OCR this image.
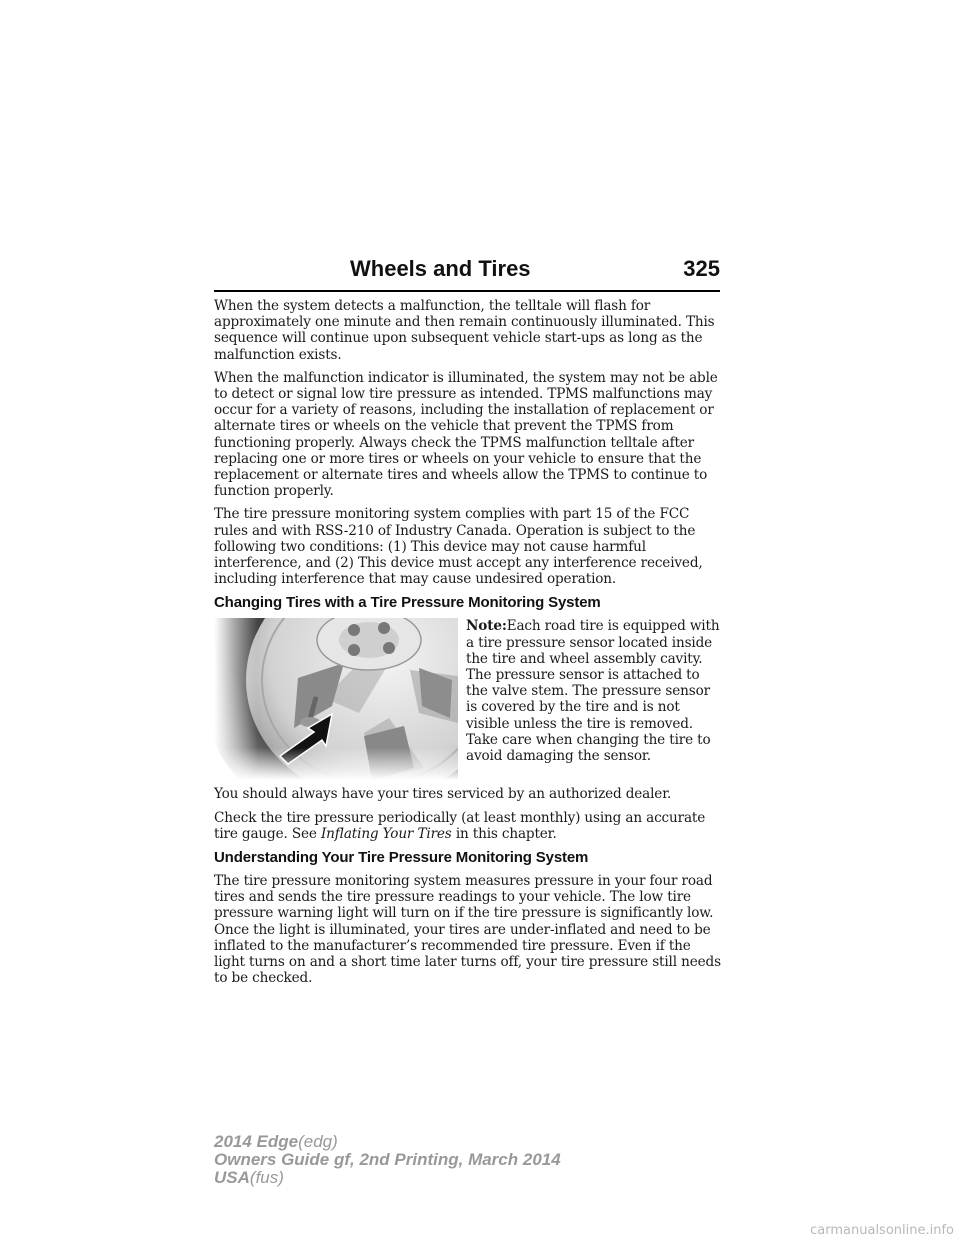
Wheels and Tires	325

When the system detects a malfunction, the telltale will flash for approximately one minute and then remain continuously illuminated. This sequence will continue upon subsequent vehicle start-ups as long as the malfunction exists.

When the malfunction indicator is illuminated, the system may not be able to detect or signal low tire pressure as intended. TPMS malfunctions may occur for a variety of reasons, including the installation of replacement or alternate tires or wheels on the vehicle that prevent the TPMS from functioning properly. Always check the TPMS malfunction telltale after replacing one or more tires or wheels on your vehicle to ensure that the replacement or alternate tires and wheels allow the TPMS to continue to function properly.

The tire pressure monitoring system complies with part 15 of the FCC rules and with RSS-210 of Industry Canada. Operation is subject to the following two conditions: (1) This device may not cause harmful interference, and (2) This device must accept any interference received, including interference that may cause undesired operation.

Changing Tires with a Tire Pressure Monitoring System
Note:Each road tire is equipped with a tire pressure sensor located inside the tire and wheel assembly cavity. The pressure sensor is attached to the valve stem. The pressure sensor is covered by the tire and is not visible unless the tire is removed. Take care when changing the tire to avoid damaging the sensor.

You should always have your tires serviced by an authorized dealer.

Check the tire pressure periodically (at least monthly) using an accurate tire gauge. See Inflating Your Tires in this chapter.

Understanding Your Tire Pressure Monitoring System

The tire pressure monitoring system measures pressure in your four road tires and sends the tire pressure readings to your vehicle. The low tire pressure warning light will turn on if the tire pressure is significantly low. Once the light is illuminated, your tires are under-inflated and need to be inflated to the manufacturer’s recommended tire pressure. Even if the light turns on and a short time later turns off, your tire pressure still needs to be checked.

2014 Edge(edg)
Owners Guide gf, 2nd Printing, March 2014
USA(fus)
carmanualsonline.info
